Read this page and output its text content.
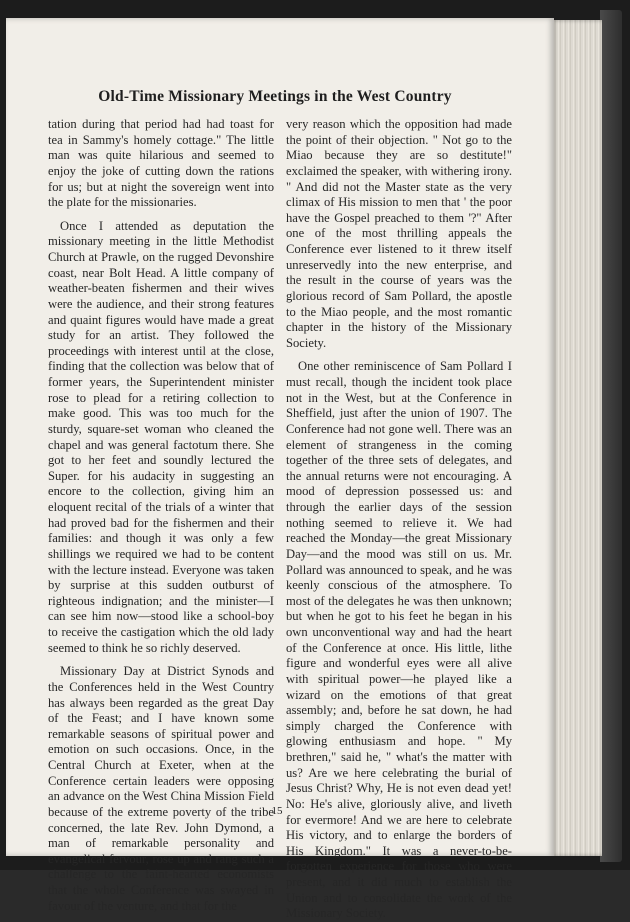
Old-Time Missionary Meetings in the West Country

tation during that period had had toast for tea in Sammy's homely cottage." The little man was quite hilarious and seemed to enjoy the joke of cutting down the rations for us; but at night the sovereign went into the plate for the missionaries.

Once I attended as deputation the missionary meeting in the little Methodist Church at Prawle, on the rugged Devonshire coast, near Bolt Head. A little company of weather-beaten fishermen and their wives were the audience, and their strong features and quaint figures would have made a great study for an artist. They followed the proceedings with interest until at the close, finding that the collection was below that of former years, the Superintendent minister rose to plead for a retiring collection to make good. This was too much for the sturdy, square-set woman who cleaned the chapel and was general factotum there. She got to her feet and soundly lectured the Super. for his audacity in suggesting an encore to the collection, giving him an eloquent recital of the trials of a winter that had proved bad for the fishermen and their families: and though it was only a few shillings we required we had to be content with the lecture instead. Everyone was taken by surprise at this sudden outburst of righteous indignation; and the minister—I can see him now—stood like a school-boy to receive the castigation which the old lady seemed to think he so richly deserved.

Missionary Day at District Synods and the Conferences held in the West Country has always been regarded as the great Day of the Feast; and I have known some remarkable seasons of spiritual power and emotion on such occasions. Once, in the Central Church at Exeter, when at the Conference certain leaders were opposing an advance on the West China Mission Field because of the extreme poverty of the tribe concerned, the late Rev. John Dymond, a man of remarkable personality and evangelical fervour, rose up and rang such a challenge to the faint-hearted economists that the whole Conference was swayed in favour of the venture, and that for the

very reason which the opposition had made the point of their objection. " Not go to the Miao because they are so destitute!" exclaimed the speaker, with withering irony. " And did not the Master state as the very climax of His mission to men that ' the poor have the Gospel preached to them '?" After one of the most thrilling appeals the Conference ever listened to it threw itself unreservedly into the new enterprise, and the result in the course of years was the glorious record of Sam Pollard, the apostle to the Miao people, and the most romantic chapter in the history of the Missionary Society.

One other reminiscence of Sam Pollard I must recall, though the incident took place not in the West, but at the Conference in Sheffield, just after the union of 1907. The Conference had not gone well. There was an element of strangeness in the coming together of the three sets of delegates, and the annual returns were not encouraging. A mood of depression possessed us: and through the earlier days of the session nothing seemed to relieve it. We had reached the Monday—the great Missionary Day—and the mood was still on us. Mr. Pollard was announced to speak, and he was keenly conscious of the atmosphere. To most of the delegates he was then unknown; but when he got to his feet he began in his own unconventional way and had the heart of the Conference at once. His little, lithe figure and wonderful eyes were all alive with spiritual power—he played like a wizard on the emotions of that great assembly; and, before he sat down, he had simply charged the Conference with glowing enthusiasm and hope. " My brethren," said he, " what's the matter with us? Are we here celebrating the burial of Jesus Christ? Why, He is not even dead yet! No: He's alive, gloriously alive, and liveth for evermore! And we are here to celebrate His victory, and to enlarge the borders of His Kingdom." It was a never-to-be-forgotten experience for those who were present, and it did much to establish the Union and to consolidate the work of the Missionary Society.

15
